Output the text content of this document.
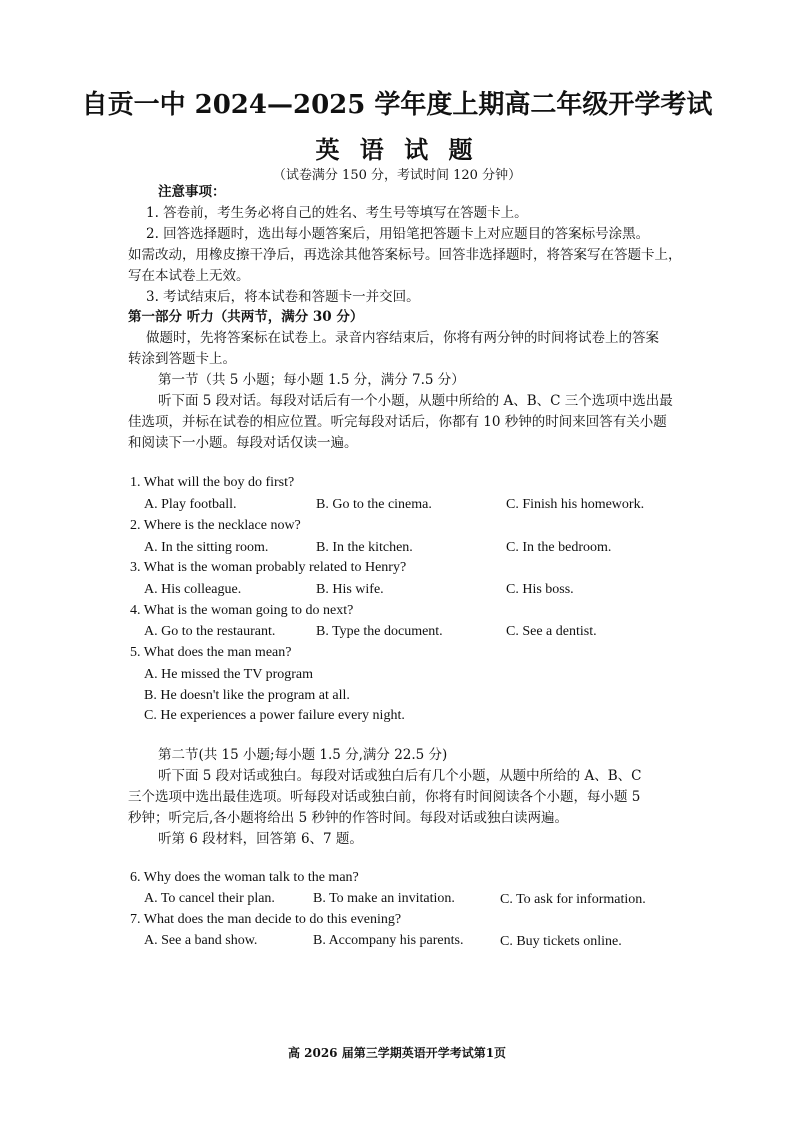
自贡一中 2024—2025 学年度上期高二年级开学考试
英 语 试 题
（试卷满分 150 分，考试时间 120 分钟）
注意事项：
1. 答卷前，考生务必将自己的姓名、考生号等填写在答题卡上。
2. 回答选择题时，选出每小题答案后，用铅笔把答题卡上对应题目的答案标号涂黑。
如需改动，用橡皮擦干净后，再选涂其他答案标号。回答非选择题时，将答案写在答题卡上，
写在本试卷上无效。
3. 考试结束后，将本试卷和答题卡一并交回。
第一部分 听力（共两节，满分 30 分）
做题时，先将答案标在试卷上。录音内容结束后，你将有两分钟的时间将试卷上的答案
转涂到答题卡上。
第一节（共 5 小题；每小题 1.5 分，满分 7.5 分）
听下面 5 段对话。每段对话后有一个小题，从题中所给的 A、B、C 三个选项中选出最
佳选项，并标在试卷的相应位置。听完每段对话后，你都有 10 秒钟的时间来回答有关小题
和阅读下一小题。每段对话仅读一遍。
1. What will the boy do first?
A. Play football.	B. Go to the cinema.	C. Finish his homework.
2. Where is the necklace now?
A. In the sitting room.	B. In the kitchen.	C. In the bedroom.
3. What is the woman probably related to Henry?
A. His colleague.	B. His wife.	C. His boss.
4. What is the woman going to do next?
A. Go to the restaurant.	B. Type the document.	C. See a dentist.
5. What does the man mean?
A. He missed the TV program
B. He doesn't like the program at all.
C. He experiences a power failure every night.
第二节(共 15 小题;每小题 1.5 分,满分 22.5 分)
听下面 5 段对话或独白。每段对话或独白后有几个小题，从题中所给的 A、B、C
三个选项中选出最佳选项。听每段对话或独白前，你将有时间阅读各个小题，每小题 5
秒钟；听完后,各小题将给出 5 秒钟的作答时间。每段对话或独白读两遍。
听第 6 段材料，回答第 6、7 题。
6. Why does the woman talk to the man?
A. To cancel their plan.	B. To make an invitation.	C. To ask for information.
7. What does the man decide to do this evening?
A. See a band show.	B. Accompany his parents.	C. Buy tickets online.
高 2026 届第三学期英语开学考试第1页
